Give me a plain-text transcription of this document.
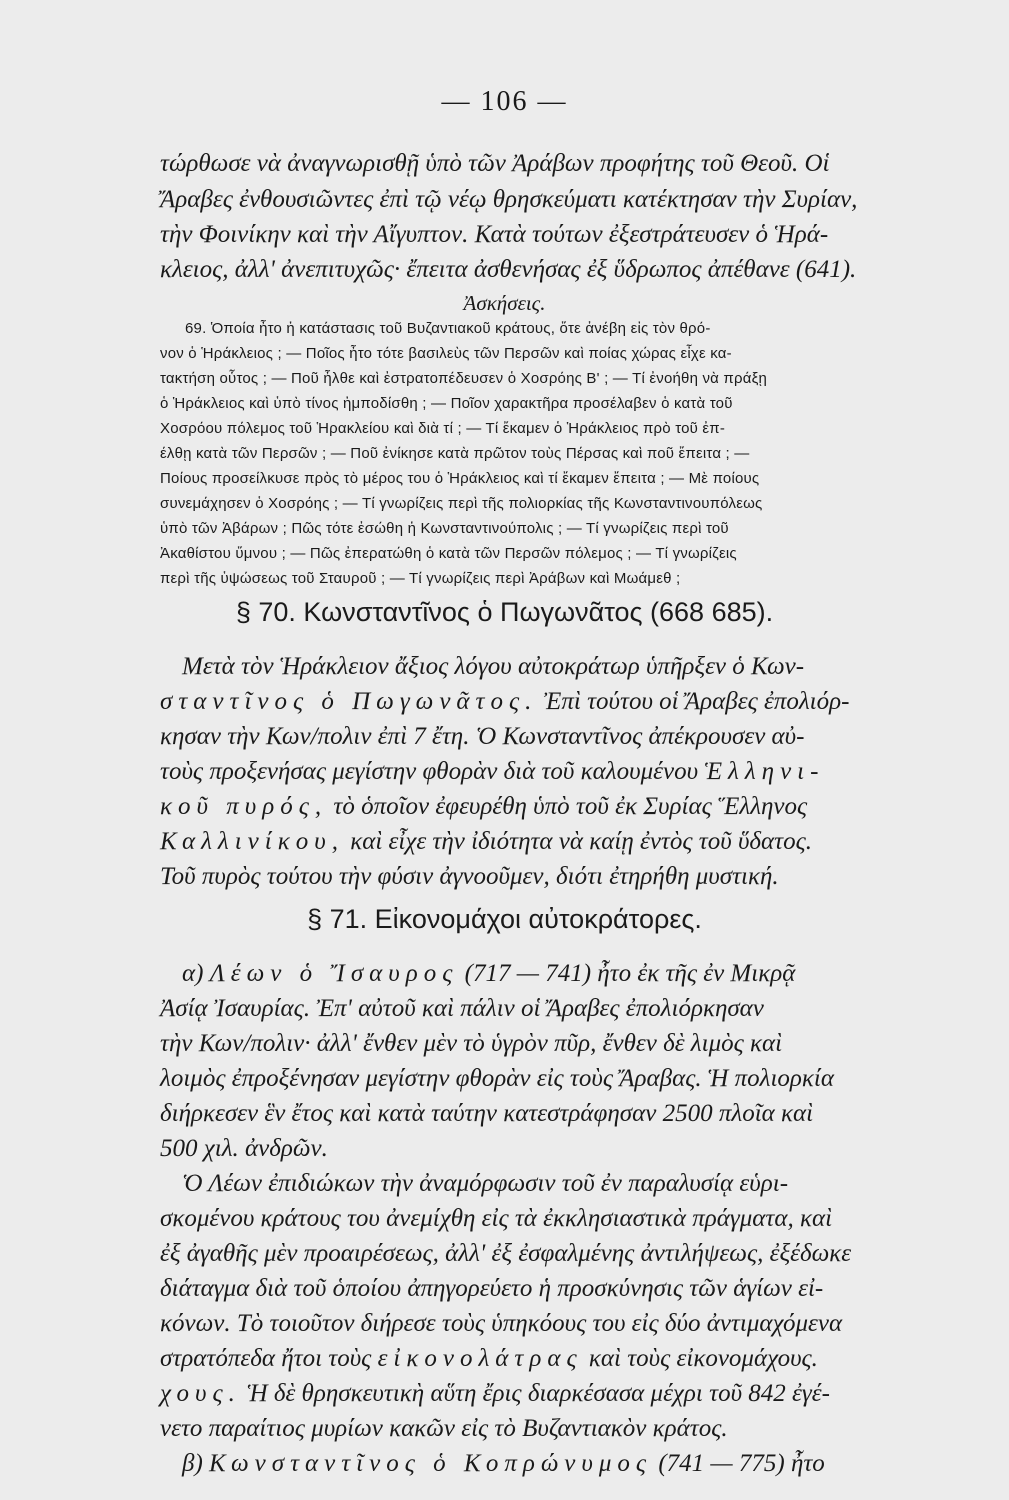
— 106 —
τώρθωσε νὰ ἀναγνωρισθῇ ὑπὸ τῶν Ἀράβων προφήτης τοῦ Θεοῦ. Οἱ
Ἄραβες ἐνθουσιῶντες ἐπὶ τῷ νέῳ θρησκεύματι κατέκτησαν τὴν Συρίαν,
τὴν Φοινίκην καὶ τὴν Αἴγυπτον. Κατὰ τούτων ἐξεστράτευσεν ὁ Ἡρά-
κλειος, ἀλλ' ἀνεπιτυχῶς· ἔπειτα ἀσθενήσας ἐξ ὕδρωπος ἀπέθανε (641).
Ἀσκήσεις.
69. Ὁποία ἦτο ἡ κατάστασις τοῦ Βυζαντιακοῦ κράτους, ὅτε ἀνέβη εἰς τὸν θρό-
νον ὁ Ἡράκλειος ; — Ποῖος ἦτο τότε βασιλεὺς τῶν Περσῶν καὶ ποίας χώρας εἶχε κα-
τακτήση οὗτος ; — Ποῦ ἦλθε καὶ ἐστρατοπέδευσεν ὁ Χοσρόης Β' ; — Τί ἐνοήθη νὰ πράξῃ
ὁ Ἡράκλειος καὶ ὑπὸ τίνος ἠμποδίσθη ; — Ποῖον χαρακτῆρα προσέλαβεν ὁ κατὰ τοῦ
Χοσρόου πόλεμος τοῦ Ἡρακλείου καὶ διὰ τί ; — Τί ἔκαμεν ὁ Ἡράκλειος πρὸ τοῦ ἐπ-
έλθῃ κατὰ τῶν Περσῶν ; — Ποῦ ἐνίκησε κατὰ πρῶτον τοὺς Πέρσας καὶ ποῦ ἔπειτα ; —
Ποίους προσείλκυσε πρὸς τὸ μέρος του ὁ Ἡράκλειος καὶ τί ἔκαμεν ἔπειτα ; — Μὲ ποίους
συνεμάχησεν ὁ Χοσρόης ; — Τί γνωρίζεις περὶ τῆς πολιορκίας τῆς Κωνσταντινουπόλεως
ὑπὸ τῶν Ἀβάρων ; Πῶς τότε ἐσώθη ἡ Κωνσταντινούπολις ; — Τί γνωρίζεις περὶ τοῦ
Ἀκαθίστου ὕμνου ; — Πῶς ἐπερατώθη ὁ κατὰ τῶν Περσῶν πόλεμος ; — Τί γνωρίζεις
περὶ τῆς ὑψώσεως τοῦ Σταυροῦ ; — Τί γνωρίζεις περὶ Ἀράβων καὶ Μωάμεθ ;
§ 70. Κωνσταντῖνος ὁ Πωγωνᾶτος (668 685).
Μετὰ τὸν Ἡράκλειον ἄξιος λόγου αὐτοκράτωρ ὑπῆρξεν ὁ Κων-
σταντῖνος ὁ Πωγωνᾶτος. Ἐπὶ τούτου οἱ Ἄραβες ἐπολιόρ-
κησαν τὴν Κων/πολιν ἐπὶ 7 ἔτη. Ὁ Κωνσταντῖνος ἀπέκρουσεν αὐ-
τοὺς προξενήσας μεγίστην φθορὰν διὰ τοῦ καλουμένου Ἑλληνι-
κοῦ πυρός, τὸ ὁποῖον ἐφευρέθη ὑπὸ τοῦ ἐκ Συρίας Ἕλληνος
Καλλινίκου, καὶ εἶχε τὴν ἰδιότητα νὰ καίῃ ἐντὸς τοῦ ὕδατος.
Τοῦ πυρὸς τούτου τὴν φύσιν ἀγνοοῦμεν, διότι ἐτηρήθη μυστική.
§ 71. Εἰκονομάχοι αὐτοκράτορες.
α) Λέων ὁ Ἴσαυρος (717 — 741) ἦτο ἐκ τῆς ἐν Μικρᾷ
Ἀσίᾳ Ἰσαυρίας. Ἐπ' αὐτοῦ καὶ πάλιν οἱ Ἄραβες ἐπολιόρκησαν
τὴν Κων/πολιν· ἀλλ' ἔνθεν μὲν τὸ ὑγρὸν πῦρ, ἔνθεν δὲ λιμὸς καὶ
λοιμὸς ἐπροξένησαν μεγίστην φθορὰν εἰς τοὺς Ἄραβας. Ἡ πολιορκία
διήρκεσεν ἓν ἔτος καὶ κατὰ ταύτην κατεστράφησαν 2500 πλοῖα καὶ
500 χιλ. ἀνδρῶν.
Ὁ Λέων ἐπιδιώκων τὴν ἀναμόρφωσιν τοῦ ἐν παραλυσίᾳ εὑρι-
σκομένου κράτους του ἀνεμίχθη εἰς τὰ ἐκκλησιαστικὰ πράγματα, καὶ
ἐξ ἀγαθῆς μὲν προαιρέσεως, ἀλλ' ἐξ ἐσφαλμένης ἀντιλήψεως, ἐξέδωκε
διάταγμα διὰ τοῦ ὁποίου ἀπηγορεύετο ἡ προσκύνησις τῶν ἁγίων εἰ-
κόνων. Τὸ τοιοῦτον διήρεσε τοὺς ὑπηκόους του εἰς δύο ἀντιμαχόμενα
στρατόπεδα ἤτοι τοὺς εἰκονολάτρας καὶ τοὺς εἰκονομάχους.
χους. Ἡ δὲ θρησκευτικὴ αὕτη ἔρις διαρκέσασα μέχρι τοῦ 842 ἐγέ-
νετο παραίτιος μυρίων κακῶν εἰς τὸ Βυζαντιακὸν κράτος.
β) Κωνσταντῖνος ὁ Κοπρώνυμος (741 — 775) ἦτο
